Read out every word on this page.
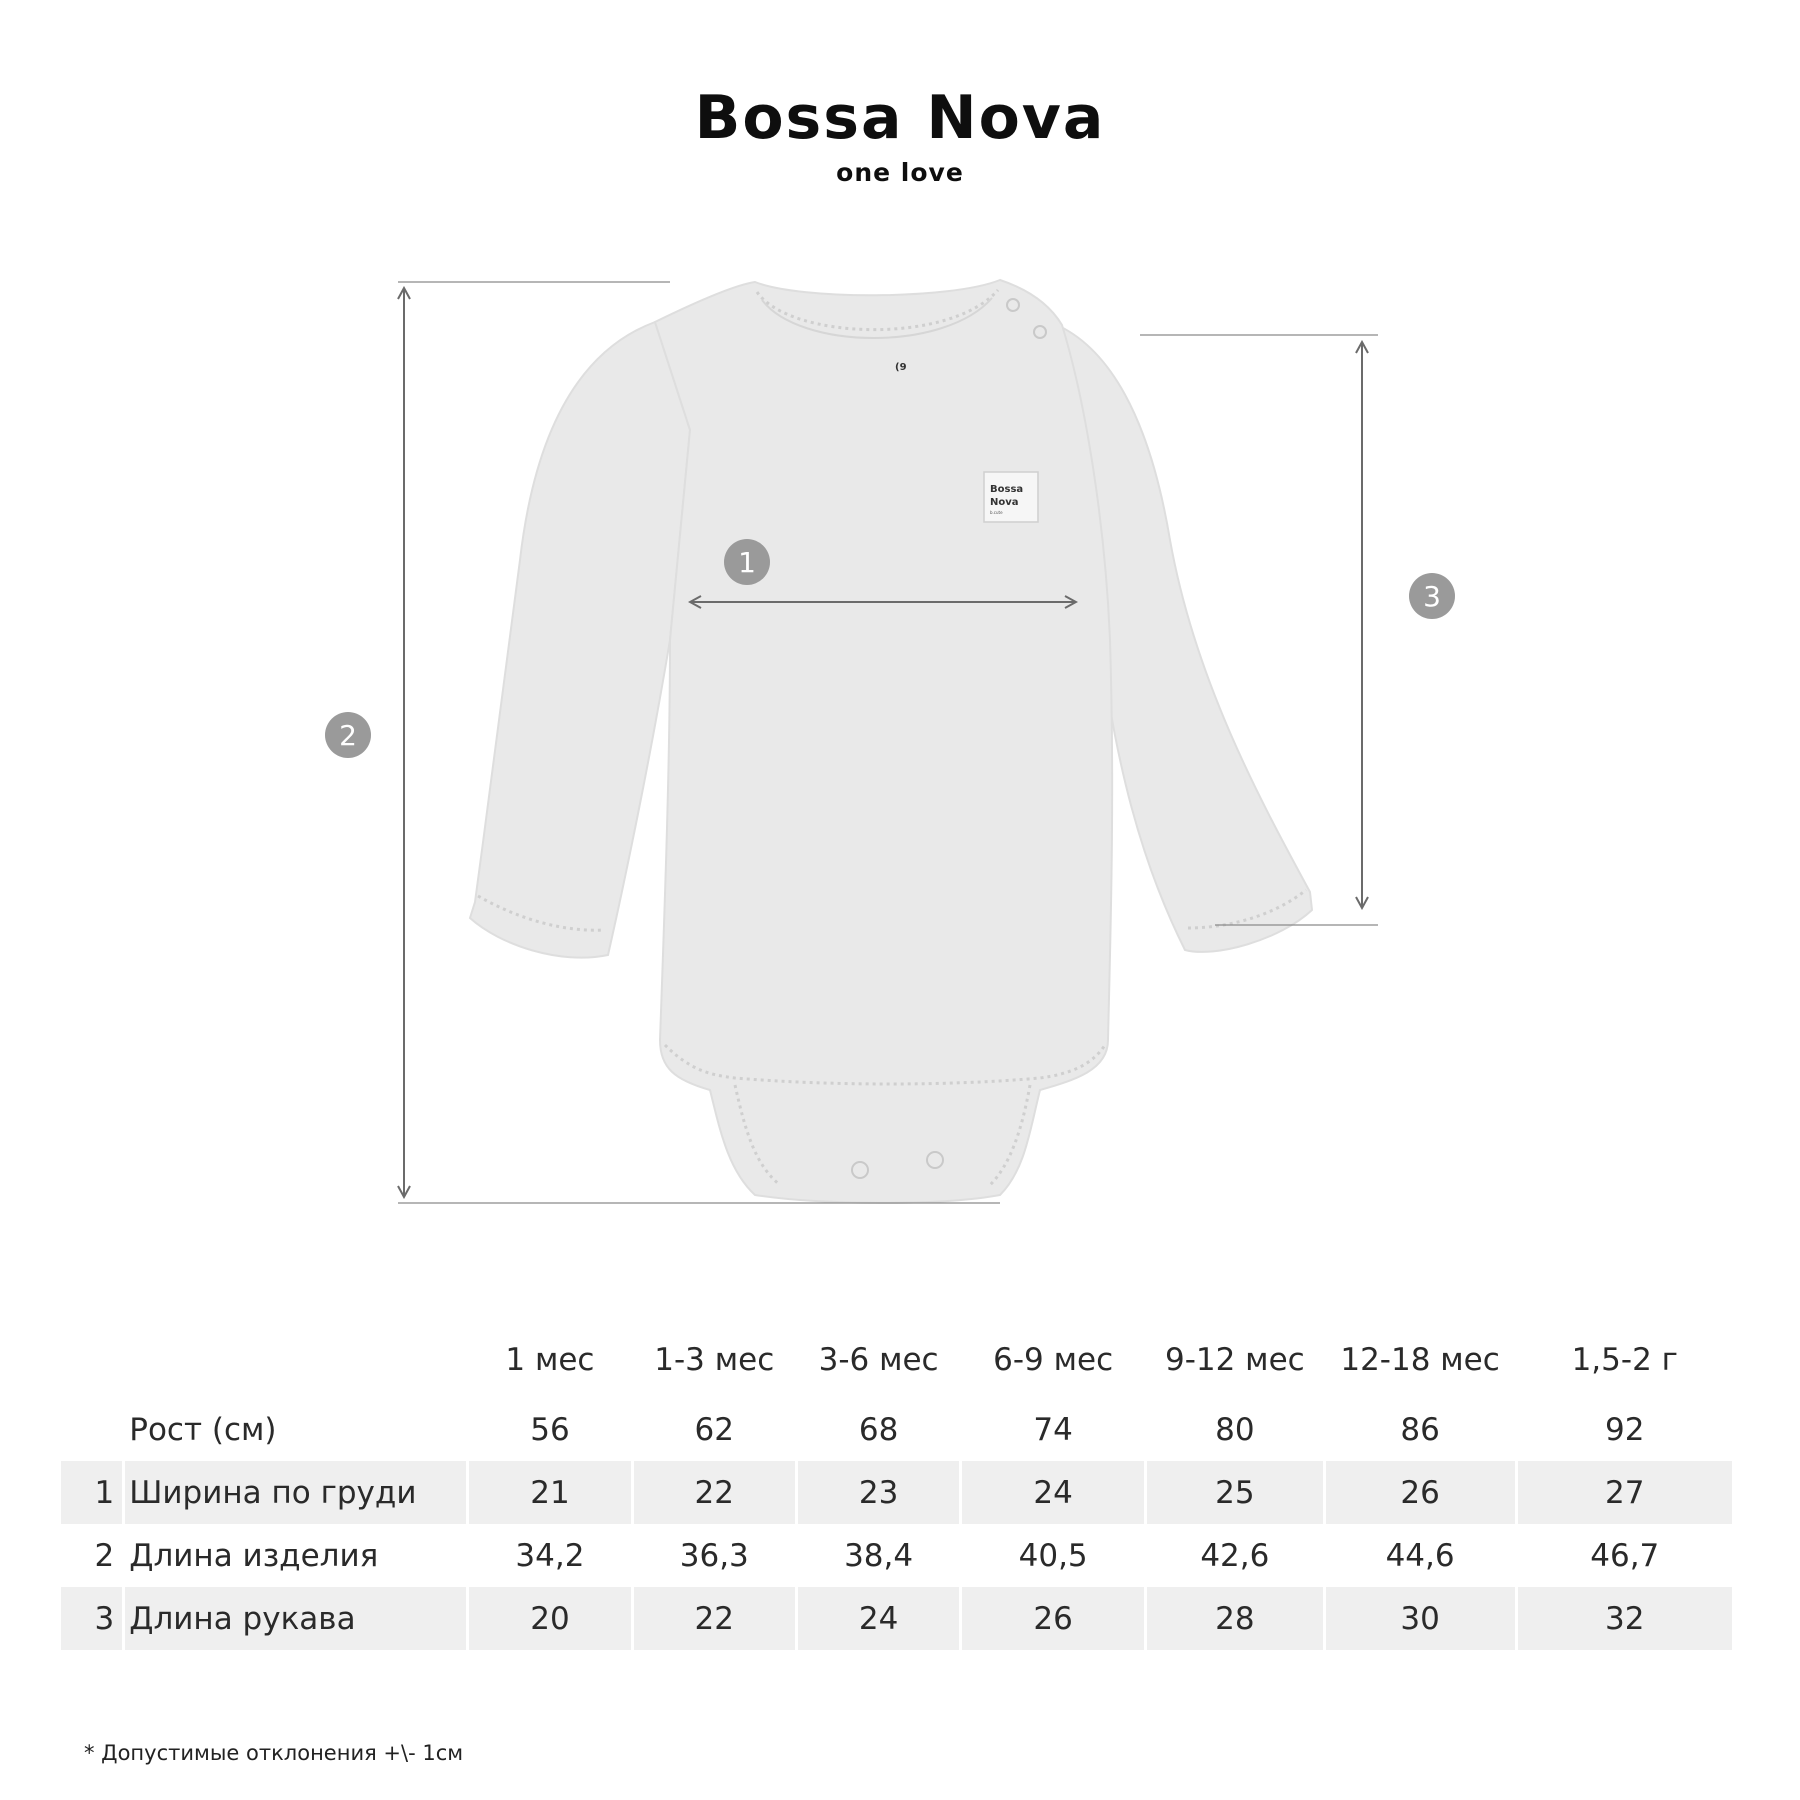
Bossa Nova
one love
(9
Bossa
Nova
b.cute
1
2
3
		1 мес	1-3 мес	3-6 мес	6-9 мес	9-12 мес	12-18 мес	1,5-2 г
	Рост (см)	56	62	68	74	80	86	92
1	Ширина по груди	21	22	23	24	25	26	27
2	Длина изделия	34,2	36,3	38,4	40,5	42,6	44,6	46,7
3	Длина рукава	20	22	24	26	28	30	32
* Допустимые отклонения +\- 1см
